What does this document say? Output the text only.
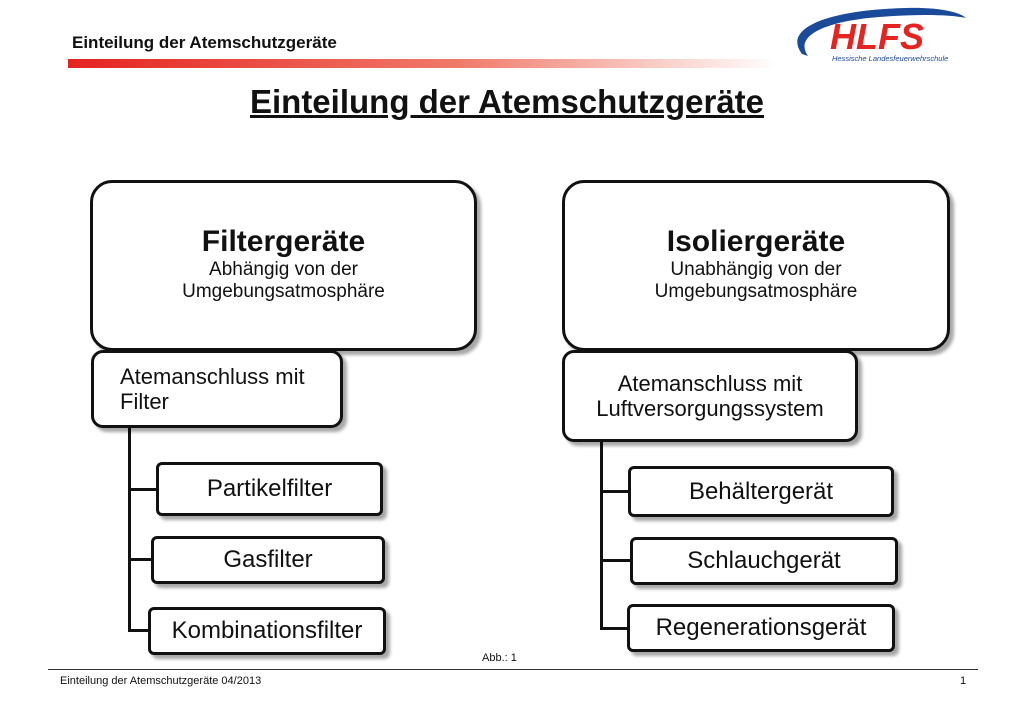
Einteilung der Atemschutzgeräte	HLFS
Hessische Landesfeuerwehrschule
Einteilung der Atemschutzgeräte
Filtergeräte
Abhängig von der
Umgebungsatmosphäre
Atemanschluss mit
Filter
Partikelfilter
Gasfilter
Kombinationsfilter
Isoliergeräte
Unabhängig von der
Umgebungsatmosphäre
Atemanschluss mit
Luftversorgungssystem
Behältergerät
Schlauchgerät
Regenerationsgerät
Abb.: 1
Einteilung der Atemschutzgeräte 04/2013	1
